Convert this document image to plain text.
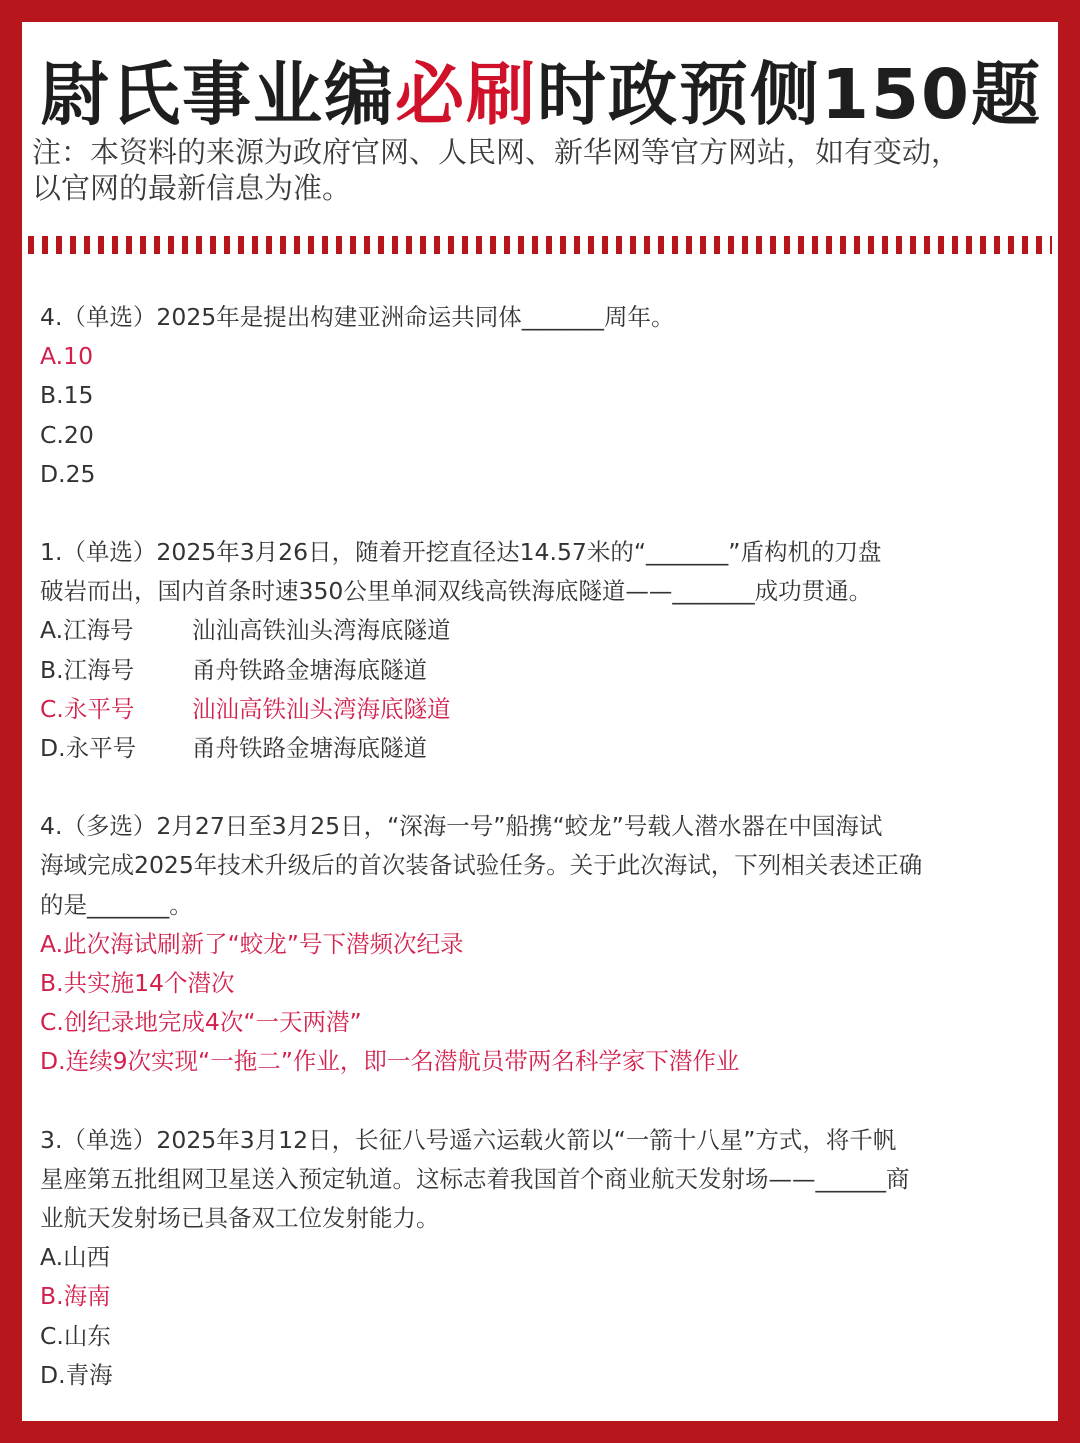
尉氏事业编必刷时政预侧150题
注：本资料的来源为政府官网、人民网、新华网等官方网站，如有变动，
以官网的最新信息为准。
4.（单选）2025年是提出构建亚洲命运共同体_______周年。
A.10
B.15
C.20
D.25
1.（单选）2025年3月26日，随着开挖直径达14.57米的“_______”盾构机的刀盘
破岩而出，国内首条时速350公里单洞双线高铁海底隧道——_______成功贯通。
A.江海号 汕汕高铁汕头湾海底隧道
B.江海号 甬舟铁路金塘海底隧道
C.永平号 汕汕高铁汕头湾海底隧道
D.永平号 甬舟铁路金塘海底隧道
4.（多选）2月27日至3月25日，“深海一号”船携“蛟龙”号载人潜水器在中国海试
海域完成2025年技术升级后的首次装备试验任务。关于此次海试，下列相关表述正确
的是_______。
A.此次海试刷新了“蛟龙”号下潜频次纪录
B.共实施14个潜次
C.创纪录地完成4次“一天两潜”
D.连续9次实现“一拖二”作业，即一名潜航员带两名科学家下潜作业
3.（单选）2025年3月12日，长征八号遥六运载火箭以“一箭十八星”方式，将千帆
星座第五批组网卫星送入预定轨道。这标志着我国首个商业航天发射场——______商
业航天发射场已具备双工位发射能力。
A.山西
B.海南
C.山东
D.青海
